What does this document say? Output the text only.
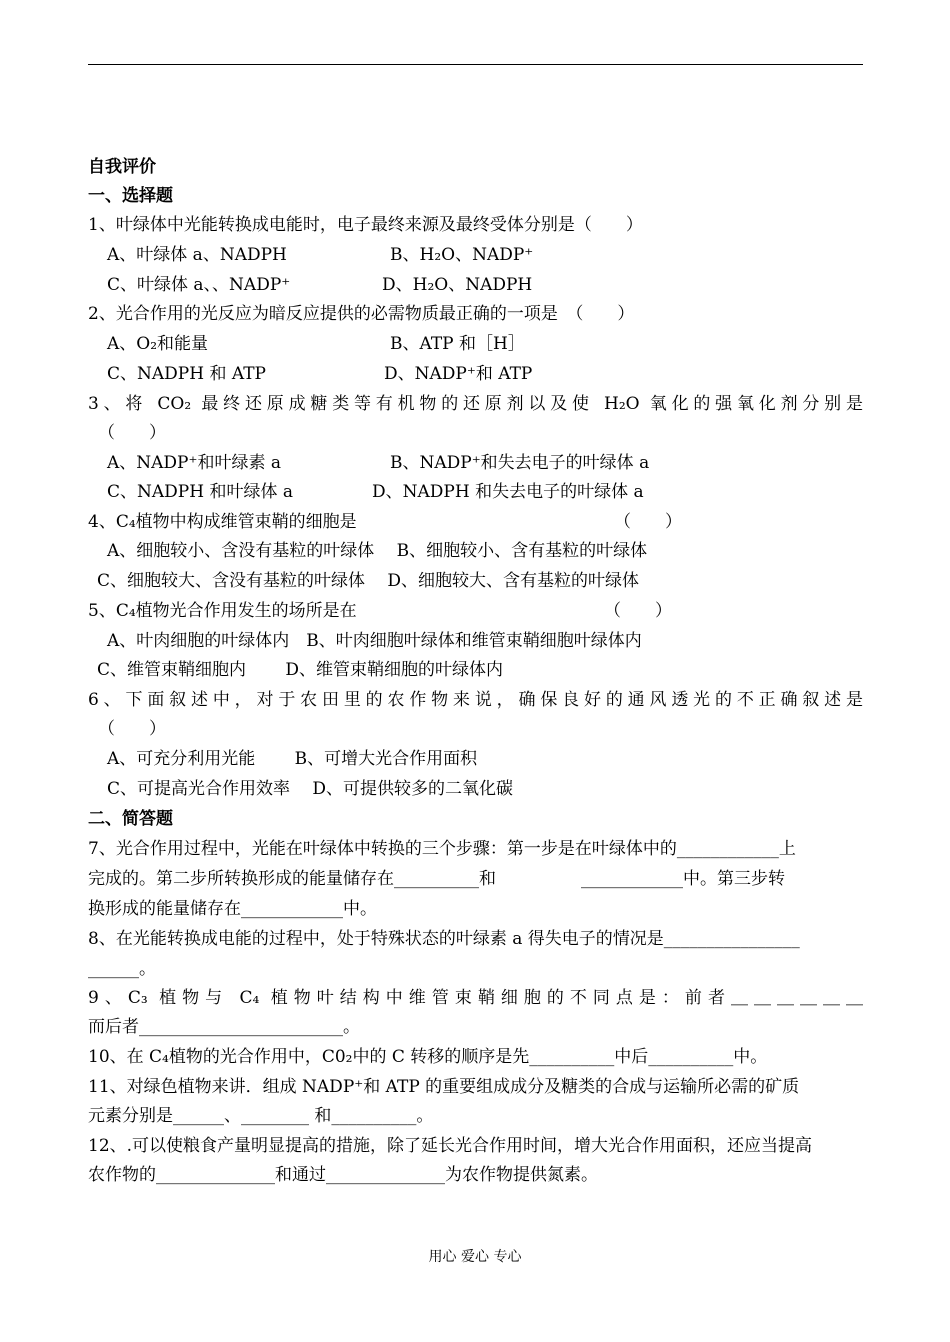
自我评价
一、选择题
1、叶绿体中光能转换成电能时，电子最终来源及最终受体分别是（　　）
A、叶绿体 a、NADPH	B、H₂O、NADP⁺
C、叶绿体 a、、NADP⁺	D、H₂O、NADPH
2、光合作用的光反应为暗反应提供的必需物质最正确的一项是　（　　）
A、O₂和能量	B、ATP 和［H］
C、NADPH 和 ATP	D、NADP⁺和 ATP
3、将 CO₂ 最终还原成糖类等有机物的还原剂以及使 H₂O 氧化的强氧化剂分别是
（　　）
A、NADP⁺和叶绿素 a	B、NADP⁺和失去电子的叶绿体 a
C、NADPH 和叶绿体 a	D、NADPH 和失去电子的叶绿体 a
4、C₄植物中构成维管束鞘的细胞是	（　　）
A、细胞较小、含没有基粒的叶绿体　 B、细胞较小、含有基粒的叶绿体
C、细胞较大、含没有基粒的叶绿体　 D、细胞较大、含有基粒的叶绿体
5、C₄植物光合作用发生的场所是在	（　　）
A、叶肉细胞的叶绿体内　B、叶肉细胞叶绿体和维管束鞘细胞叶绿体内
C、维管束鞘细胞内　　 D、维管束鞘细胞的叶绿体内
6、下面叙述中，对于农田里的农作物来说，确保良好的通风透光的不正确叙述是
（　　）
A、可充分利用光能　　 B、可增大光合作用面积
C、可提高光合作用效率　 D、可提供较多的二氧化碳
二、简答题
7、光合作用过程中，光能在叶绿体中转换的三个步骤：第一步是在叶绿体中的____________上
完成的。第二步所转换形成的能量储存在__________和　　　　　____________中。第三步转
换形成的能量储存在____________中。
8、在光能转换成电能的过程中，处于特殊状态的叶绿素 a 得失电子的情况是________________
______。
9、C₃ 植物与 C₄ 植物叶结构中维管束鞘细胞的不同点是：前者＿＿＿＿＿＿
而后者________________________。
10、在 C₄植物的光合作用中，C0₂中的 C 转移的顺序是先__________中后__________中。
11、对绿色植物来讲．组成 NADP⁺和 ATP 的重要组成成分及糖类的合成与运输所必需的矿质
元素分别是______、________ 和__________。
12、.可以使粮食产量明显提高的措施，除了延长光合作用时间，增大光合作用面积，还应当提高
农作物的______________和通过______________为农作物提供氮素。
用心 爱心 专心
